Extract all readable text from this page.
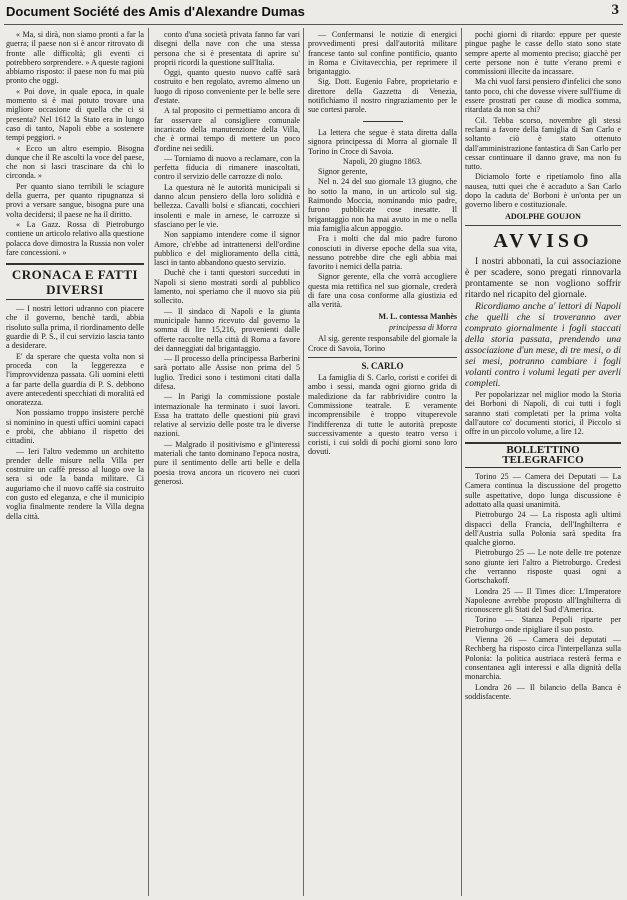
Document Société des Amis d'Alexandre Dumas	3

« Ma, si dirà, non siamo pronti a far la guerra; il paese non si è ancor ritrovato di fronte alle difficoltà; gli eventi ci potrebbero sorprendere. » A queste ragioni abbiamo risposto: il paese non fu mai più pronto che oggi.

« Poi dove, in quale epoca, in quale momento si è mai potuto trovare una migliore occasione di quella che ci si presenta? Nel 1612 la Stato era in lungo caso di tanto, Napoli ebbe a sostenere tempi peggiori. »

« Ecco un altro esempio. Bisogna dunque che il Re ascolti la voce del paese, che non si lasci trascinare da chi lo circonda. »

Per quanto siano terribili le sciagure della guerra, per quanto ripugnanza si provi a versare sangue, bisogna pure una volta decidersi; il paese ne ha il diritto.

« La Gazz. Rossa di Pietroburgo contiene un articolo relativo alla questione polacca dove dimostra la Russia non voler fare concessioni. »

CRONACA E FATTI DIVERSI

— I nostri lettori udranno con piacere che il governo, benchè tardi, abbia risoluto sulla prima, il riordinamento delle guardie di P. S., il cui servizio lascia tanto a desiderare.

E' da sperare che questa volta non si proceda con la leggerezza e l'improvvidenza passata. Gli uomini eletti a far parte della guardia di P. S. debbono avere antecedenti specchiati di moralità ed onoratezza.

Non possiamo troppo insistere perchè si nominino in questi uffici uomini capaci e probi, che abbiano il rispetto dei cittadini.

— Ieri l'altro vedemmo un architetto prender delle misure nella Villa per costruire un caffè presso al luogo ove la sera si ode la banda militare. Ci auguriamo che il nuovo caffè sia costruito con gusto ed eleganza, e che il municipio voglia finalmente rendere la Villa degna della città.

conto d'una società privata fanno far vari disegni della nave con che una stessa persona che si è presentata di aprire su' proprii ricordi la questione sull'Italia.

Oggi, quanto questo nuovo caffè sarà costruito e ben regolato, avremo almeno un luogo di riposo conveniente per le belle sere d'estate.

A tal proposito ci permettiamo ancora di far osservare al consigliere comunale incaricato della manutenzione della Villa, che è ormai tempo di mettere un poco d'ordine nei sedili.

— Torniamo di nuovo a reclamare, con la perfetta fiducia di rimanere inascoltati, contro il servizio delle carrozze di nolo.

La questura nè le autorità municipali si danno alcun pensiero della loro solidità e bellezza. Cavalli bolsi e sfiancati, cocchieri insolenti e male in arnese, le carrozze si sfasciano per le vie.

Non sappiamo intendere come il signor Amore, ch'ebbe ad intrattenersi dell'ordine pubblico e del miglioramento della città, lasci in tanto abbandono questo servizio.

Duchè che i tanti questori succeduti in Napoli si sieno mostrati sordi al pubblico lamento, noi speriamo che il nuovo sia più sollecito.

— Il sindaco di Napoli e la giunta municipale hanno ricevuto dal governo la somma di lire 15,216, provenienti dalle offerte raccolte nella città di Roma a favore dei danneggiati dal brigantaggio.

— Il processo della principessa Barberini sarà portato alle Assise non prima del 5 luglio. Tredici sono i testimoni citati dalla difesa.

— In Parigi la commissione postale internazionale ha terminato i suoi lavori. Essa ha trattato delle questioni più gravi relative al servizio delle poste tra le diverse nazioni.

— Malgrado il positivismo e gl'interessi materiali che tanto dominano l'epoca nostra, pure il sentimento delle arti belle e della poesia trova ancora un ricovero nei cuori generosi.

— Confermansi le notizie di energici provvedimenti presi dall'autorità militare francese tanto sul confine pontificio, quanto in Roma e Civitavecchia, per reprimere il brigantaggio.

Sig. Dott. Eugenio Fabre, proprietario e direttore della Gazzetta di Venezia, notifichiamo il nostro ringraziamento per le sue cortesi parole.

La lettera che segue è stata diretta dalla signora principessa di Morra al giornale Il Torino in Croce di Savoia.

Napoli, 20 giugno 1863.

Signor gerente,

Nel n. 24 del suo giornale 13 giugno, che ho sotto la mano, in un articolo sul sig. Raimondo Moccia, nominando mio padre, furono pubblicate cose inesatte. Il brigantaggio non ha mai avuto in me o nella mia famiglia alcun appoggio.

Fra i molti che dal mio padre furono conosciuti in diverse epoche della sua vita, nessuno potrebbe dire che egli abbia mai favorito i nemici della patria.

Signor gerente, ella che vorrà accogliere questa mia rettifica nel suo giornale, crederà di fare una cosa conforme alla giustizia ed alla verità.

M. L. contessa Manhès
principessa di Morra

Al sig. gerente responsabile del giornale la Croce di Savoia, Torino

S. CARLO

La famiglia di S. Carlo, coristi e corifei di ambo i sessi, manda ogni giorno grida di maledizione da far rabbrividire contro la Commissione teatrale. E veramente incomprensibile è troppo vituperevole l'indifferenza di tutte le autorità preposte successivamente a questo teatro verso i coristi, i cui soldi di pochi giorni sono loro dovuti.

pochi giorni di ritardo: eppure per queste pingue paghe le casse dello stato sono state sempre aperte al momento preciso; giacchè per certe persone non è tutte v'erano premi e commissioni illecite da incassare.

Ma chi vuol farsi pensiero d'infelici che sono tanto poco, chi che dovesse vivere sull'fiume di essere prostrati per cause di modica somma, ritardata da non sa chi?

Cil. Tebba scorso, novembre gli stessi reclami a favore della famiglia di San Carlo e soltanto ciò è stato ottenuto dall'amministrazione fantastica di San Carlo per cessar continuare il danno grave, ma non fu tutto.

Diciamolo forte e ripetiamolo fino alla nausea, tutti quei che è accaduto a San Carlo dopo la caduta de' Borboni è un'onta per un governo libero e costituzionale.

ADOLPHE GOUJON
AVVISO

I nostri abbonati, la cui associazione è per scadere, sono pregati rinnovarla prontamente se non vogliono soffrir ritardo nel ricapito del giornale.

Ricordiamo anche a' lettori di Napoli che quelli che si troveranno aver comprato giornalmente i fogli staccati della storia passata, prendendo una associazione d'un mese, di tre mesi, o di sei mesi, potranno cambiare i fogli volanti contro i volumi legati per averli completi.

Per popolarizzar nel miglior modo la Storia dei Borboni di Napoli, di cui tutti i fogli saranno stati completati per la prima volta dall'autore co' documenti storici, il Piccolo si offre in un piccolo volume, a lire 12.

BOLLETTINO TELEGRAFICO

Torino 25 — Camera dei Deputati — La Camera continua la discussione del progetto sulle aspettative, dopo lunga discussione è adottato alla quasi unanimità.

Pietroburgo 24 — La risposta agli ultimi dispacci della Francia, dell'Inghilterra e dell'Austria sulla Polonia sarà spedita fra qualche giorno.

Pietroburgo 25 — Le note delle tre potenze sono giunte ieri l'altro a Pietroburgo. Credesi che verranno risposte quasi ogni a Gortschakoff.

Londra 25 — Il Times dice: L'Imperatore Napoleone avrebbe proposto all'Inghilterra di riconoscere gli Stati del Sud d'America.

Torino — Stanza Pepoli riparte per Pietroburgo onde ripigliare il suo posto.

Vienna 26 — Camera dei deputati — Rechberg ha risposto circa l'interpellanza sulla Polonia: la politica austriaca resterà ferma e consentanea agli interessi e alla dignità della monarchia.

Londra 26 — Il bilancio della Banca è soddisfacente.
